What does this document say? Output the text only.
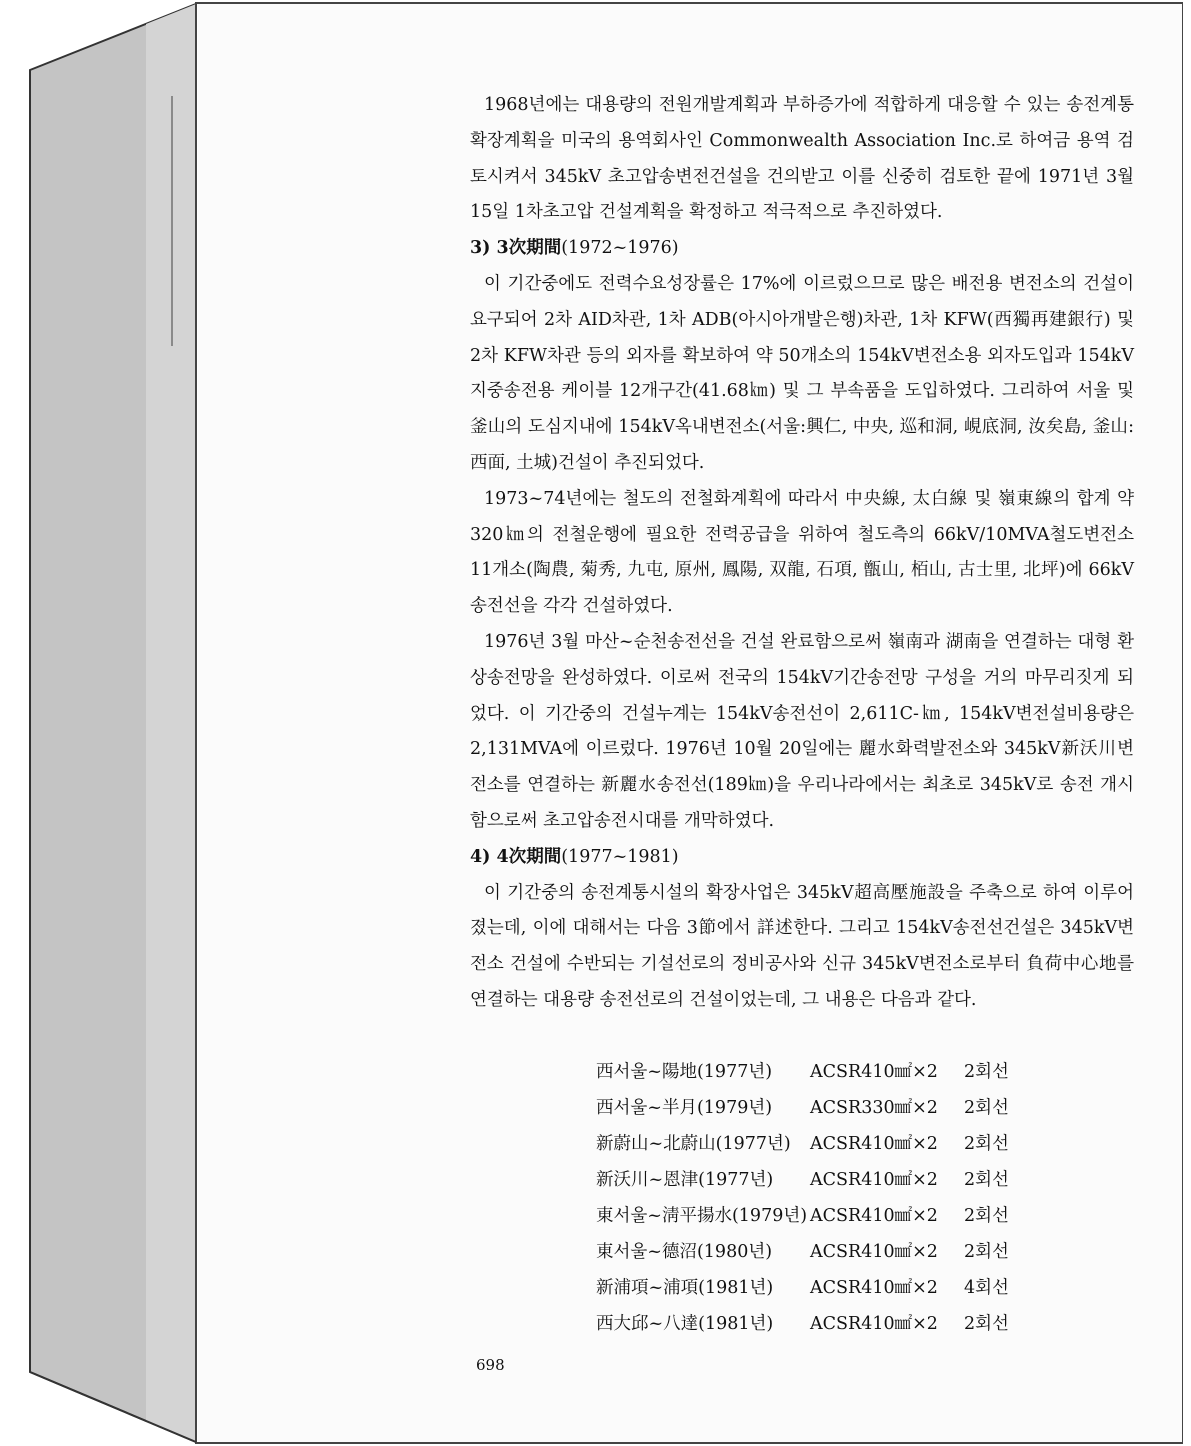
1968년에는 대용량의 전원개발계획과 부하증가에 적합하게 대응할 수 있는 송전계통 확장계획을 미국의 용역회사인 Commonwealth Association Inc.로 하여금 용역 검토시켜서 345kV 초고압송변전건설을 건의받고 이를 신중히 검토한 끝에 1971년 3월 15일 1차초고압 건설계획을 확정하고 적극적으로 추진하였다.

3) 3次期間(1972~1976)

이 기간중에도 전력수요성장률은 17%에 이르렀으므로 많은 배전용 변전소의 건설이 요구되어 2차 AID차관, 1차 ADB(아시아개발은행)차관, 1차 KFW(西獨再建銀行) 및 2차 KFW차관 등의 외자를 확보하여 약 50개소의 154kV변전소용 외자도입과 154kV지중송전용 케이블 12개구간(41.68㎞) 및 그 부속품을 도입하였다. 그리하여 서울 및 釜山의 도심지내에 154kV옥내변전소(서울:興仁, 中央, 巡和洞, 峴底洞, 汝矣島, 釜山:西面, 土城)건설이 추진되었다.

1973~74년에는 철도의 전철화계획에 따라서 中央線, 太白線 및 嶺東線의 합계 약 320㎞의 전철운행에 필요한 전력공급을 위하여 철도측의 66kV/10MVA철도변전소 11개소(陶農, 菊秀, 九屯, 原州, 鳳陽, 双龍, 石項, 甑山, 栢山, 古士里, 北坪)에 66kV 송전선을 각각 건설하였다.

1976년 3월 마산~순천송전선을 건설 완료함으로써 嶺南과 湖南을 연결하는 대형 환상송전망을 완성하였다. 이로써 전국의 154kV기간송전망 구성을 거의 마무리짓게 되었다. 이 기간중의 건설누계는 154kV송전선이 2,611C-㎞, 154kV변전설비용량은 2,131MVA에 이르렀다. 1976년 10월 20일에는 麗水화력발전소와 345kV新沃川변전소를 연결하는 新麗水송전선(189㎞)을 우리나라에서는 최초로 345kV로 송전 개시함으로써 초고압송전시대를 개막하였다.

4) 4次期間(1977~1981)

이 기간중의 송전계통시설의 확장사업은 345kV超高壓施設을 주축으로 하여 이루어졌는데, 이에 대해서는 다음 3節에서 詳述한다. 그리고 154kV송전선건설은 345kV변전소 건설에 수반되는 기설선로의 정비공사와 신규 345kV변전소로부터 負荷中心地를 연결하는 대용량 송전선로의 건설이었는데, 그 내용은 다음과 같다.

西서울~陽地(1977년)	ACSR410㎟×2	2회선
西서울~半月(1979년)	ACSR330㎟×2	2회선
新蔚山~北蔚山(1977년)	ACSR410㎟×2	2회선
新沃川~恩津(1977년)	ACSR410㎟×2	2회선
東서울~淸平揚水(1979년) ACSR410㎟×2	2회선
東서울~德沼(1980년)	ACSR410㎟×2	2회선
新浦項~浦項(1981년)	ACSR410㎟×2	4회선
西大邱~八達(1981년)	ACSR410㎟×2	2회선
698
